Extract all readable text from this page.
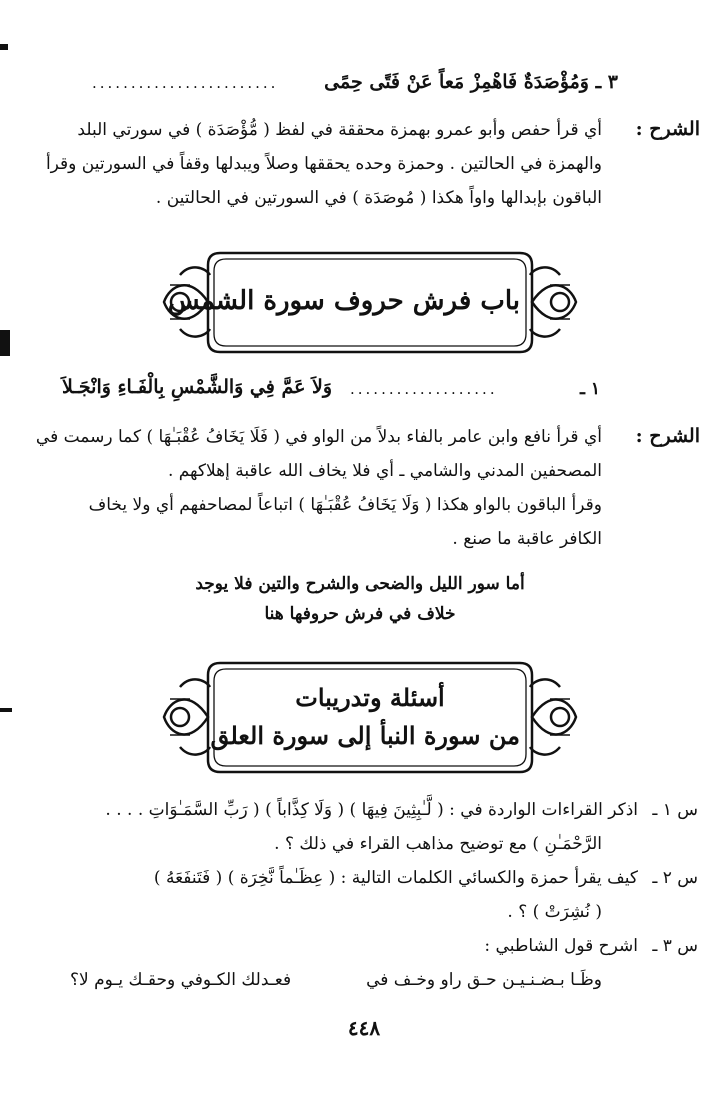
٣ ـ وَمُؤْصَدَةٌ فَاهْمِزْ مَعاً عَنْ فَتًى حِمًى
........................
الشرح :
أي قرأ حفص وأبو عمرو بهمزة محققة في لفظ ( مُّؤْصَدَة ) في سورتي البلد
والهمزة في الحالتين . وحمزة وحده يحققها وصلاً ويبدلها وقفاً في السورتين وقرأ
الباقون بإبدالها واواً هكذا ( مُوصَدَة ) في السورتين في الحالتين .
باب فرش حروف سورة الشمس
١ ـ
...................
وَلاَ عَمَّ فِي وَالشَّمْسِ بِالْفَـاءِ وَانْجَـلاَ
الشرح :
أي قرأ نافع وابن عامر بالفاء بدلاً من الواو في ( فَلَا يَخَافُ عُقْبَـٰهَا ) كما رسمت في
المصحفين المدني والشامي ـ أي فلا يخاف الله عاقبة إهلاكهم .
وقرأ الباقون بالواو هكذا ( وَلَا يَخَافُ عُقْبَـٰهَا ) اتباعاً لمصاحفهم أي ولا يخاف
الكافر عاقبة ما صنع .
أما سور الليل والضحى والشرح والتين فلا يوجد
خلاف في فرش حروفها هنا
أسئلة وتدريبات
من سورة النبأ إلى سورة العلق
س ١ ـ
اذكر القراءات الواردة في : ( لَّـٰبِثِينَ فِيهَا ) ( وَلَا كِذَّاباً ) ( رَبِّ السَّمَـٰوَاتِ . . . .
الرَّحْمَـٰنِ ) مع توضيح مذاهب القراء في ذلك ؟ .
س ٢ ـ
كيف يقرأ حمزة والكسائي الكلمات التالية : ( عِظَـٰماً نَّخِرَة ) ( فَتَنفَعَهُ )
( نُشِرَتْ ) ؟ .
س ٣ ـ
اشرح قول الشاطبي :
وظَـا بـضـنـيـن حـق راو وخـف في
فعـدلك الكـوفي وحقـك يـوم لا؟
٤٤٨
